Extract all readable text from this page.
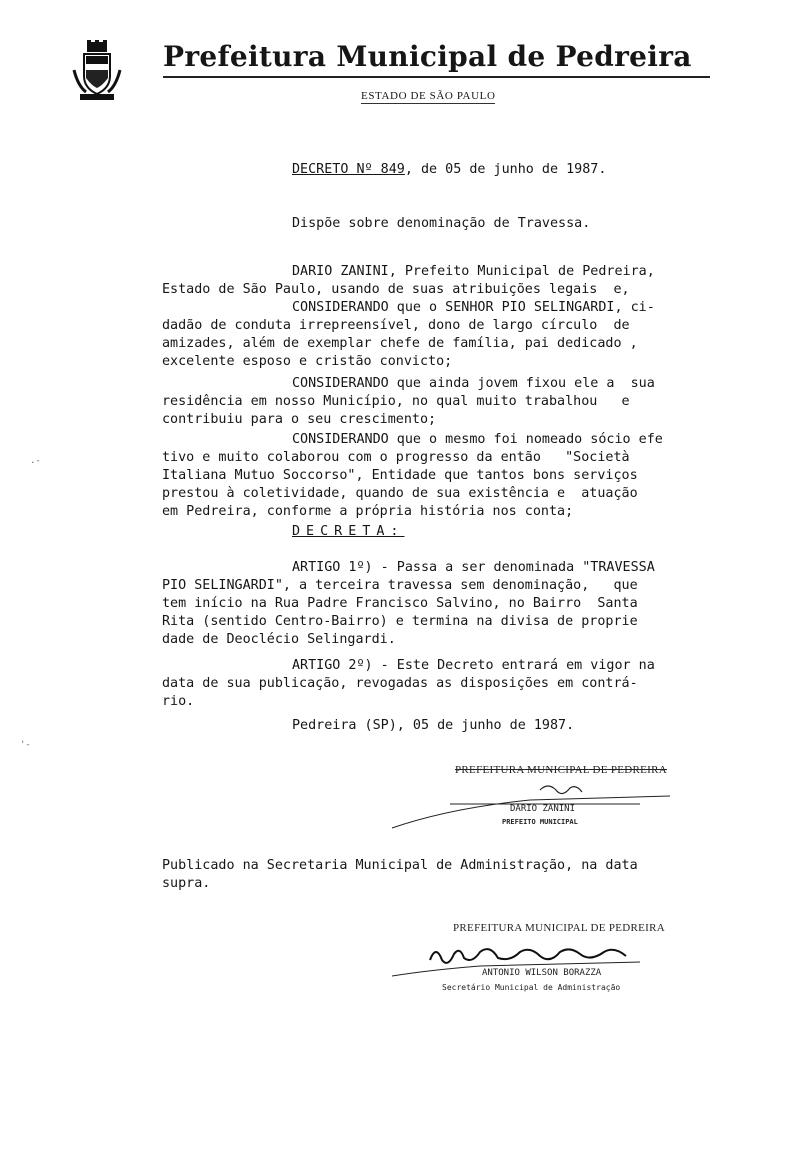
Prefeitura Municipal de Pedreira
ESTADO DE SÃO PAULO
DECRETO Nº 849, de 05 de junho de 1987.
Dispõe sobre denominação de Travessa.
DARIO ZANINI, Prefeito Municipal de Pedreira,
Estado de São Paulo, usando de suas atribuições legais  e,
CONSIDERANDO que o SENHOR PIO SELINGARDI, ci-
dadão de conduta irrepreensível, dono de largo círculo  de
amizades, além de exemplar chefe de família, pai dedicado ,
excelente esposo e cristão convicto;
CONSIDERANDO que ainda jovem fixou ele a  sua
residência em nosso Município, no qual muito trabalhou   e
contribuiu para o seu crescimento;
CONSIDERANDO que o mesmo foi nomeado sócio efe
tivo e muito colaborou com o progresso da então   "Società
Italiana Mutuo Soccorso", Entidade que tantos bons serviços
prestou à coletividade, quando de sua existência e  atuação
em Pedreira, conforme a própria história nos conta;
DECRETA:
ARTIGO 1º) - Passa a ser denominada "TRAVESSA
PIO SELINGARDI", a terceira travessa sem denominação,   que
tem início na Rua Padre Francisco Salvino, no Bairro  Santa
Rita (sentido Centro-Bairro) e termina na divisa de proprie
dade de Deoclécio Selingardi.
ARTIGO 2º) - Este Decreto entrará em vigor na
data de sua publicação, revogadas as disposições em contrá-
rio.
Pedreira (SP), 05 de junho de 1987.
PREFEITURA MUNICIPAL DE PEDREIRA
DARIO ZANINI
PREFEITO MUNICIPAL
Publicado na Secretaria Municipal de Administração, na data
supra.
PREFEITURA MUNICIPAL DE PEDREIRA
ANTONIO WILSON BORAZZA
Secretário Municipal de Administração
.-
'-
